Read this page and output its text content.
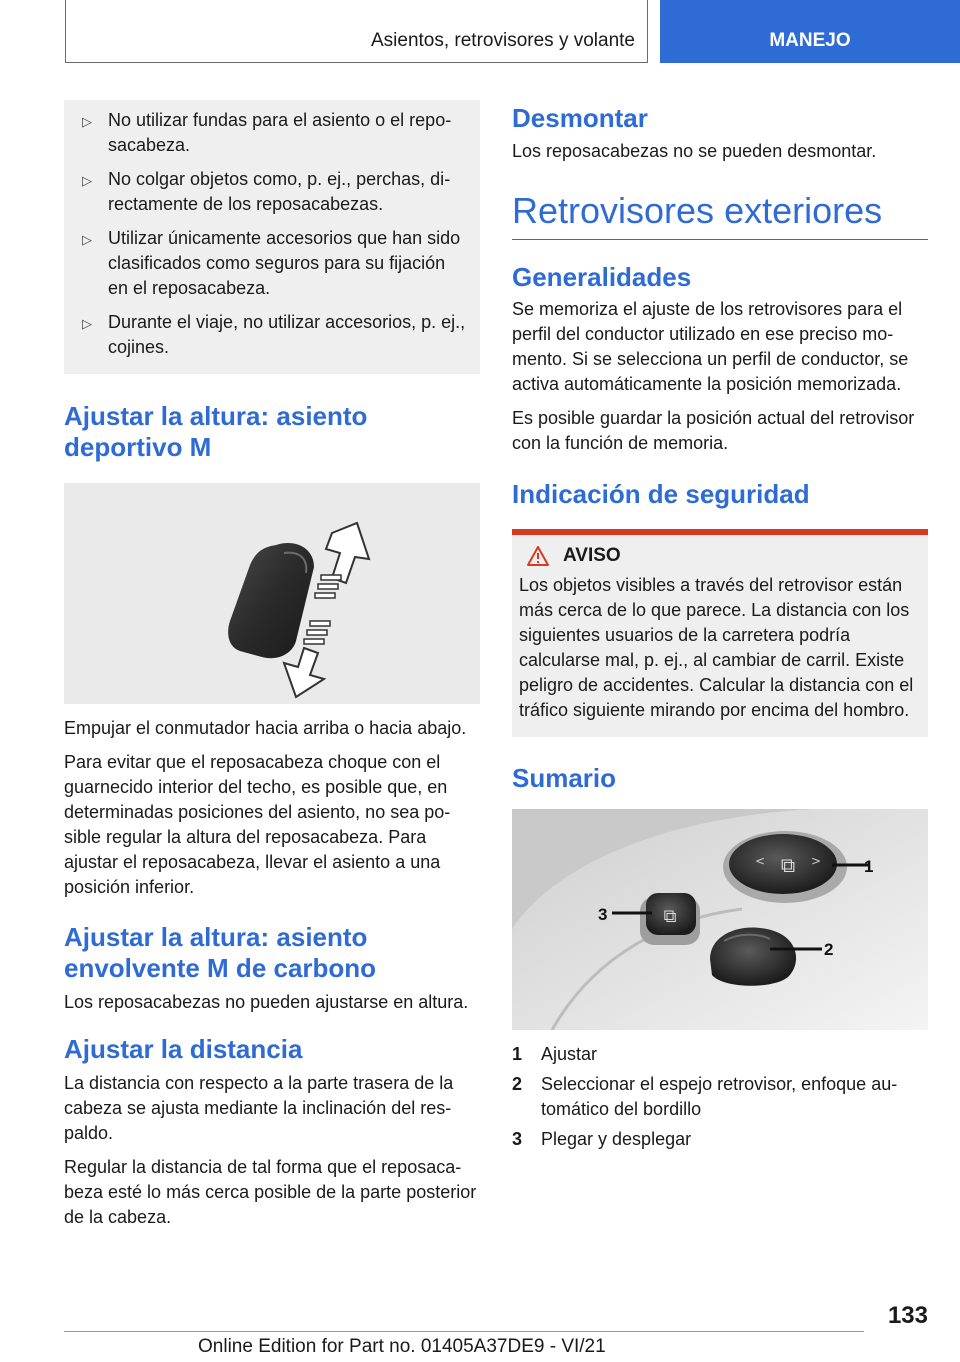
Asientos, retrovisores y volante	MANEJO
▷ No utilizar fundas para el asiento o el reposacabeza.
▷ No colgar objetos como, p. ej., perchas, directamente de los reposacabezas.
▷ Utilizar únicamente accesorios que han sido clasificados como seguros para su fijación en el reposacabeza.
▷ Durante el viaje, no utilizar accesorios, p. ej., cojines.
Ajustar la altura: asiento deportivo M

Empujar el conmutador hacia arriba o hacia abajo.

Para evitar que el reposacabeza choque con el guarnecido interior del techo, es posible que, en determinadas posiciones del asiento, no sea posible regular la altura del reposacabeza. Para ajustar el reposacabeza, llevar el asiento a una posición inferior.

Ajustar la altura: asiento envolvente M de carbono

Los reposacabezas no pueden ajustarse en altura.

Ajustar la distancia

La distancia con respecto a la parte trasera de la cabeza se ajusta mediante la inclinación del respaldo.

Regular la distancia de tal forma que el reposacabeza esté lo más cerca posible de la parte posterior de la cabeza.

Desmontar

Los reposacabezas no se pueden desmontar.

Retrovisores exteriores
Generalidades

Se memoriza el ajuste de los retrovisores para el perfil del conductor utilizado en ese preciso momento. Si se selecciona un perfil de conductor, se activa automáticamente la posición memorizada.

Es posible guardar la posición actual del retrovisor con la función de memoria.

Indicación de seguridad
AVISO

Los objetos visibles a través del retrovisor están más cerca de lo que parece. La distancia con los siguientes usuarios de la carretera podría calcularse mal, p. ej., al cambiar de carril. Existe peligro de accidentes. Calcular la distancia con el tráfico siguiente mirando por encima del hombro.

Sumario
⧉
<	>
⧉
1
2
3
1	Ajustar
2	Seleccionar el espejo retrovisor, enfoque automático del bordillo
3	Plegar y desplegar
133
Online Edition for Part no. 01405A37DE9 - VI/21
